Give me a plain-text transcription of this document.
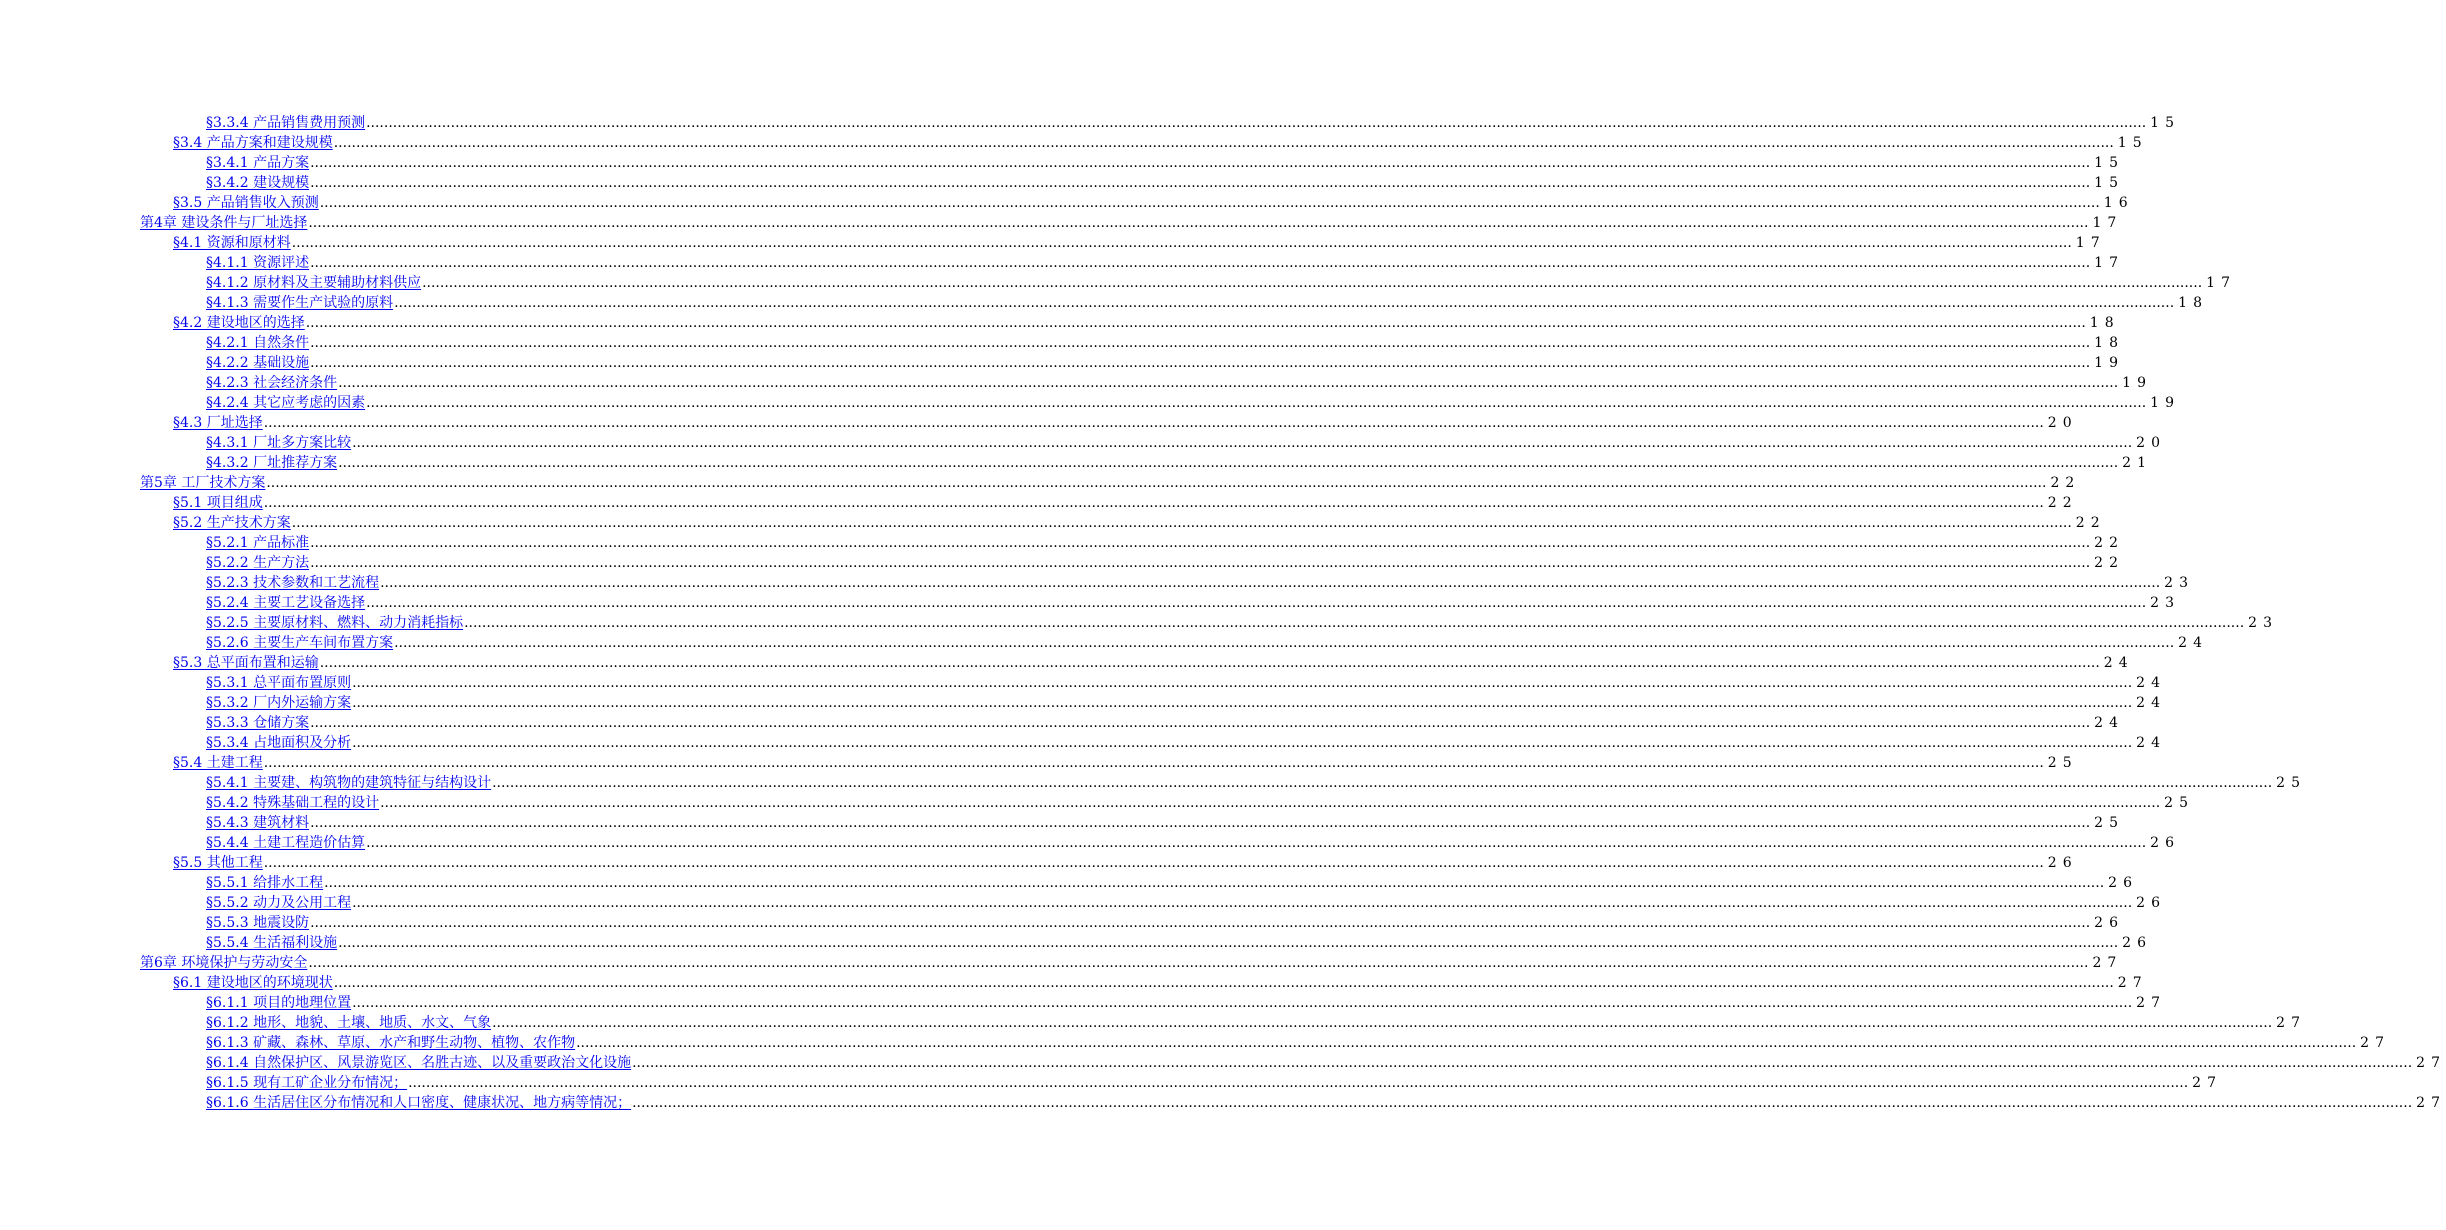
§3.3.4 产品销售费用预测 ................................................................................................................................................................................................................................................................................................................................................................................................................ 15
§3.4 产品方案和建设规模 ................................................................................................................................................................................................................................................................................................................................................................................................................ 15
§3.4.1 产品方案 ................................................................................................................................................................................................................................................................................................................................................................................................................ 15
§3.4.2 建设规模 ................................................................................................................................................................................................................................................................................................................................................................................................................ 15
§3.5 产品销售收入预测 ................................................................................................................................................................................................................................................................................................................................................................................................................ 16
第4章 建设条件与厂址选择 ................................................................................................................................................................................................................................................................................................................................................................................................................ 17
§4.1 资源和原材料 ................................................................................................................................................................................................................................................................................................................................................................................................................ 17
§4.1.1 资源评述 ................................................................................................................................................................................................................................................................................................................................................................................................................ 17
§4.1.2 原材料及主要辅助材料供应 ................................................................................................................................................................................................................................................................................................................................................................................................................ 17
§4.1.3 需要作生产试验的原料 ................................................................................................................................................................................................................................................................................................................................................................................................................ 18
§4.2 建设地区的选择 ................................................................................................................................................................................................................................................................................................................................................................................................................ 18
§4.2.1 自然条件 ................................................................................................................................................................................................................................................................................................................................................................................................................ 18
§4.2.2 基础设施 ................................................................................................................................................................................................................................................................................................................................................................................................................ 19
§4.2.3 社会经济条件 ................................................................................................................................................................................................................................................................................................................................................................................................................ 19
§4.2.4 其它应考虑的因素 ................................................................................................................................................................................................................................................................................................................................................................................................................ 19
§4.3 厂址选择 ................................................................................................................................................................................................................................................................................................................................................................................................................ 20
§4.3.1 厂址多方案比较 ................................................................................................................................................................................................................................................................................................................................................................................................................ 20
§4.3.2 厂址推荐方案 ................................................................................................................................................................................................................................................................................................................................................................................................................ 21
第5章 工厂技术方案 ................................................................................................................................................................................................................................................................................................................................................................................................................ 22
§5.1 项目组成 ................................................................................................................................................................................................................................................................................................................................................................................................................ 22
§5.2 生产技术方案 ................................................................................................................................................................................................................................................................................................................................................................................................................ 22
§5.2.1 产品标准 ................................................................................................................................................................................................................................................................................................................................................................................................................ 22
§5.2.2 生产方法 ................................................................................................................................................................................................................................................................................................................................................................................................................ 22
§5.2.3 技术参数和工艺流程 ................................................................................................................................................................................................................................................................................................................................................................................................................ 23
§5.2.4 主要工艺设备选择 ................................................................................................................................................................................................................................................................................................................................................................................................................ 23
§5.2.5 主要原材料、燃料、动力消耗指标 ................................................................................................................................................................................................................................................................................................................................................................................................................ 23
§5.2.6 主要生产车间布置方案 ................................................................................................................................................................................................................................................................................................................................................................................................................ 24
§5.3 总平面布置和运输 ................................................................................................................................................................................................................................................................................................................................................................................................................ 24
§5.3.1 总平面布置原则 ................................................................................................................................................................................................................................................................................................................................................................................................................ 24
§5.3.2 厂内外运输方案 ................................................................................................................................................................................................................................................................................................................................................................................................................ 24
§5.3.3 仓储方案 ................................................................................................................................................................................................................................................................................................................................................................................................................ 24
§5.3.4 占地面积及分析 ................................................................................................................................................................................................................................................................................................................................................................................................................ 24
§5.4 土建工程 ................................................................................................................................................................................................................................................................................................................................................................................................................ 25
§5.4.1 主要建、构筑物的建筑特征与结构设计 ................................................................................................................................................................................................................................................................................................................................................................................................................ 25
§5.4.2 特殊基础工程的设计 ................................................................................................................................................................................................................................................................................................................................................................................................................ 25
§5.4.3 建筑材料 ................................................................................................................................................................................................................................................................................................................................................................................................................ 25
§5.4.4 土建工程造价估算 ................................................................................................................................................................................................................................................................................................................................................................................................................ 26
§5.5 其他工程 ................................................................................................................................................................................................................................................................................................................................................................................................................ 26
§5.5.1 给排水工程 ................................................................................................................................................................................................................................................................................................................................................................................................................ 26
§5.5.2 动力及公用工程 ................................................................................................................................................................................................................................................................................................................................................................................................................ 26
§5.5.3 地震设防 ................................................................................................................................................................................................................................................................................................................................................................................................................ 26
§5.5.4 生活福利设施 ................................................................................................................................................................................................................................................................................................................................................................................................................ 26
第6章 环境保护与劳动安全 ................................................................................................................................................................................................................................................................................................................................................................................................................ 27
§6.1 建设地区的环境现状 ................................................................................................................................................................................................................................................................................................................................................................................................................ 27
§6.1.1 项目的地理位置 ................................................................................................................................................................................................................................................................................................................................................................................................................ 27
§6.1.2 地形、地貌、土壤、地质、水文、气象 ................................................................................................................................................................................................................................................................................................................................................................................................................ 27
§6.1.3 矿藏、森林、草原、水产和野生动物、植物、农作物 ................................................................................................................................................................................................................................................................................................................................................................................................................ 27
§6.1.4 自然保护区、风景游览区、名胜古迹、以及重要政治文化设施 ................................................................................................................................................................................................................................................................................................................................................................................................................ 27
§6.1.5 现有工矿企业分布情况； ................................................................................................................................................................................................................................................................................................................................................................................................................ 27
§6.1.6 生活居住区分布情况和人口密度、健康状况、地方病等情况； ................................................................................................................................................................................................................................................................................................................................................................................................................ 27
